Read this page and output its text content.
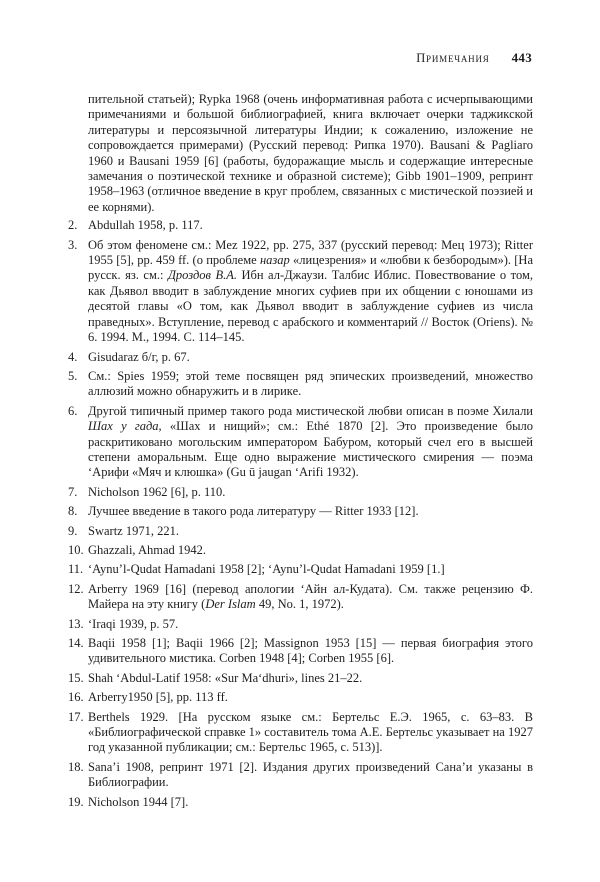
Примечания 443

пительной статьей); Rypka 1968 (очень информативная работа с исчерпывающими примечаниями и большой библиографией, книга включает очерки таджикской литературы и персоязычной литературы Индии; к сожалению, изложение не сопровождается примерами) (Русский перевод: Рипка 1970). Bausani & Pagliaro 1960 и Bausani 1959 [6] (работы, будоражащие мысль и содержащие интересные замечания о поэтической технике и образной системе); Gibb 1901–1909, репринт 1958–1963 (отличное введение в круг проблем, связанных с мистической поэзией и ее корнями).

2. Abdullah 1958, p. 117.

3. Об этом феномене см.: Mez 1922, pp. 275, 337 (русский перевод: Мец 1973); Ritter 1955 [5], pp. 459 ff. (о проблеме назар «лицезрения» и «любви к безбородым»). [На русск. яз. см.: Дроздов В.А. Ибн ал-Джаузи. Талбис Иблис. Повествование о том, как Дьявол вводит в заблуждение многих суфиев при их общении с юношами из десятой главы «О том, как Дьявол вводит в заблуждение суфиев из числа праведных». Вступление, перевод с арабского и комментарий // Восток (Oriens). № 6. 1994. М., 1994. С. 114–145.

4. Gisudaraz б/г, p. 67.

5. См.: Spies 1959; этой теме посвящен ряд эпических произведений, множество аллюзий можно обнаружить и в лирике.

6. Другой типичный пример такого рода мистической любви описан в поэме Хилали Шах у гада, «Шах и нищий»; см.: Ethé 1870 [2]. Это произведение было раскритиковано могольским императором Бабуром, который счел его в высшей степени аморальным. Еще одно выражение мистического смирения — поэма ‘Арифи «Мяч и клюшка» (Gu ū jaugan ‘Arifi 1932).

7. Nicholson 1962 [6], p. 110.

8. Лучшее введение в такого рода литературу — Ritter 1933 [12].

9. Swartz 1971, 221.

10. Ghazzali, Ahmad 1942.

11. ‘Aynu’l-Qudat Hamadani 1958 [2]; ‘Aynu’l-Qudat Hamadani 1959 [1.]

12. Arberry 1969 [16] (перевод апологии ‘Айн ал-Кудата). См. также рецензию Ф. Майера на эту книгу (Der Islam 49, No. 1, 1972).

13. ‘Iraqi 1939, p. 57.

14. Baqii 1958 [1]; Baqii 1966 [2]; Massignon 1953 [15] — первая биография этого удивительного мистика. Corben 1948 [4]; Corben 1955 [6].

15. Shah ‘Abdul-Latif 1958: «Sur Ma‘dhuri», lines 21–22.

16. Arberry1950 [5], pp. 113 ff.

17. Berthels 1929. [На русском языке см.: Бертельс Е.Э. 1965, с. 63–83. В «Библиографической справке 1» составитель тома А.Е. Бертельс указывает на 1927 год указанной публикации; см.: Бертельс 1965, с. 513)].

18. Sana’i 1908, репринт 1971 [2]. Издания других произведений Сана’и указаны в Библиографии.

19. Nicholson 1944 [7].
